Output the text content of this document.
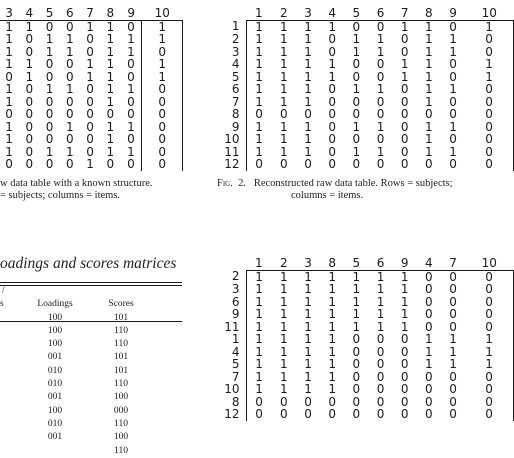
3	4	5	6	7	8	9	10
1	1	0	0	1	1	0	1
1	0	1	1	0	1	1	1
1	0	1	1	0	1	1	0
1	1	0	0	1	1	0	1
0	1	0	0	1	1	0	1
1	0	1	1	0	1	1	0
1	0	0	0	0	1	0	0
0	0	0	0	0	0	0	0
1	0	0	1	0	1	1	0
1	0	0	0	0	1	0	0
1	0	1	1	0	1	1	0
0	0	0	0	1	0	0	0
w data table with a known structure.
= subjects; columns = items.
	1	2	3	4	5	6	7	8	9	10
1	1	1	1	1	0	0	1	1	0	1
2	1	1	1	0	1	1	0	1	1	0
3	1	1	1	0	1	1	0	1	1	0
4	1	1	1	1	0	0	1	1	0	1
5	1	1	1	1	0	0	1	1	0	1
6	1	1	1	0	1	1	0	1	1	0
7	1	1	1	0	0	0	0	1	0	0
8	0	0	0	0	0	0	0	0	0	0
9	1	1	1	0	1	1	0	1	1	0
10	1	1	1	0	0	0	0	1	0	0
11	1	1	1	0	1	1	0	1	1	0
12	0	0	0	0	0	0	0	0	0	0
Fig. 2. Reconstructed raw data table. Rows = subjects;
columns = items.
	1	2	3	8	5	6	9	4	7	10
2	1	1	1	1	1	1	1	0	0	0
3	1	1	1	1	1	1	1	0	0	0
6	1	1	1	1	1	1	1	0	0	0
9	1	1	1	1	1	1	1	0	0	0
11	1	1	1	1	1	1	1	0	0	0
1	1	1	1	1	0	0	0	1	1	1
4	1	1	1	1	0	0	0	1	1	1
5	1	1	1	1	0	0	0	1	1	1
7	1	1	1	1	0	0	0	0	0	0
10	1	1	1	1	0	0	0	0	0	0
8	0	0	0	0	0	0	0	0	0	0
12	0	0	0	0	0	0	0	0	0	0
oadings and scores matrices
/		
s	Loadings	Scores
	100	101
	100	110
	100	110
	001	101
	010	101
	010	110
	001	100
	100	000
	010	110
	001	100
		110
